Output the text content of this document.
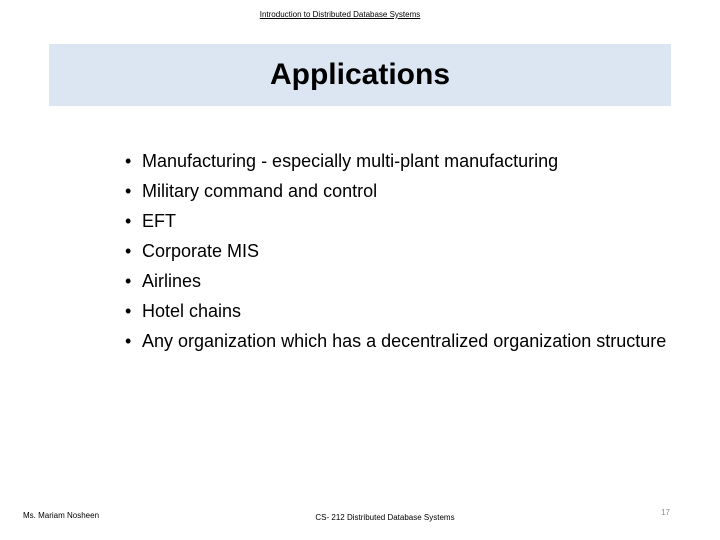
Introduction to Distributed Database Systems
Applications
• Manufacturing - especially multi-plant manufacturing
• Military command and control
• EFT
• Corporate MIS
• Airlines
• Hotel chains
• Any organization which has a decentralized organization structure
Ms. Mariam Nosheen	CS- 212 Distributed Database Systems
17
